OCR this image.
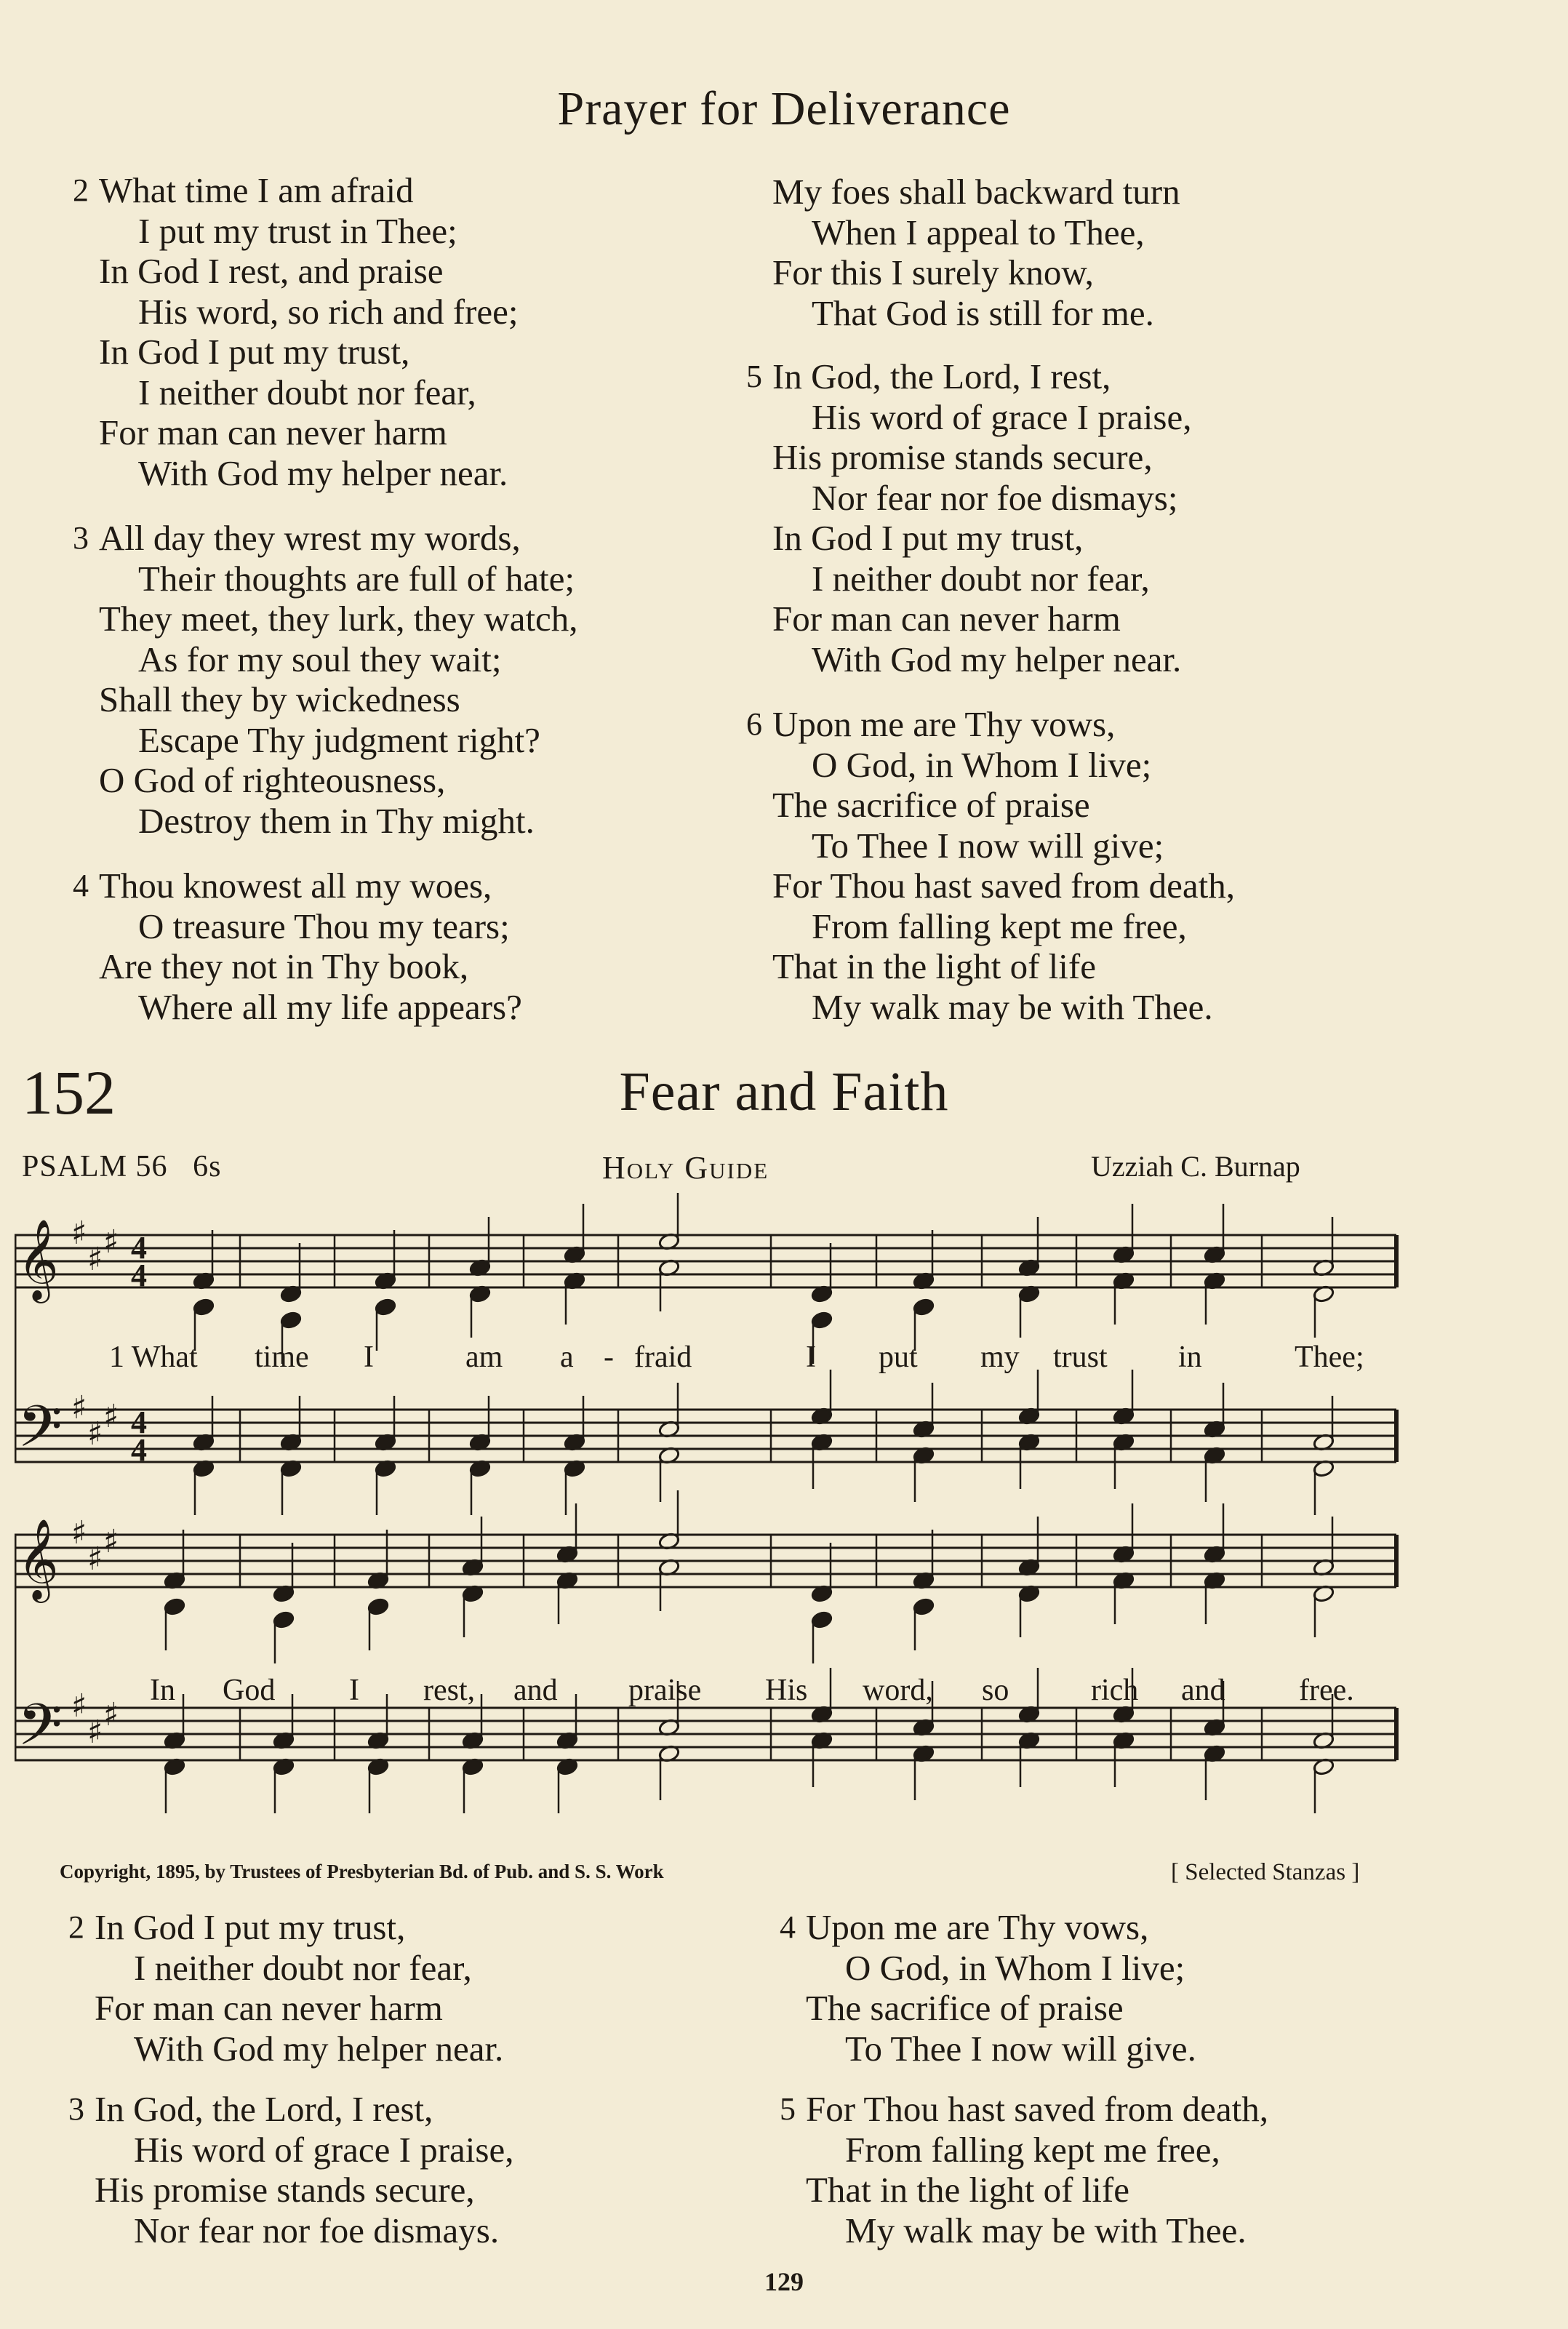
Prayer for Deliverance
2 What time I am afraid
I put my trust in Thee;
In God I rest, and praise
His word, so rich and free;
In God I put my trust,
I neither doubt nor fear,
For man can never harm
With God my helper near.
3 All day they wrest my words,
Their thoughts are full of hate;
They meet, they lurk, they watch,
As for my soul they wait;
Shall they by wickedness
Escape Thy judgment right?
O God of righteousness,
Destroy them in Thy might.
4 Thou knowest all my woes,
O treasure Thou my tears;
Are they not in Thy book,
Where all my life appears?
My foes shall backward turn
When I appeal to Thee,
For this I surely know,
That God is still for me.
5 In God, the Lord, I rest,
His word of grace I praise,
His promise stands secure,
Nor fear nor foe dismays;
In God I put my trust,
I neither doubt nor fear,
For man can never harm
With God my helper near.
6 Upon me are Thy vows,
O God, in Whom I live;
The sacrifice of praise
To Thee I now will give;
For Thou hast saved from death,
From falling kept me free,
That in the light of life
My walk may be with Thee.
152	Fear and Faith
PSALM 56 6s	Holy Guide	Uzziah C. Burnap
𝄞 ♯
♯ ♯ 4
4
𝄢 ♯
♯ ♯ 4
4
𝄞 ♯
♯ ♯
𝄢 ♯
♯ ♯
1 What time I	am a - fraid	I put my trust in	Thee;
In God I rest, and praise His word, so	rich and free.
Copyright, 1895, by Trustees of Presbyterian Bd. of Pub. and S. S. Work	[ Selected Stanzas ]
2 In God I put my trust,
I neither doubt nor fear,
For man can never harm
With God my helper near.
3 In God, the Lord, I rest,
His word of grace I praise,
His promise stands secure,
Nor fear nor foe dismays.
4 Upon me are Thy vows,
O God, in Whom I live;
The sacrifice of praise
To Thee I now will give.
5 For Thou hast saved from death,
From falling kept me free,
That in the light of life
My walk may be with Thee.
129
